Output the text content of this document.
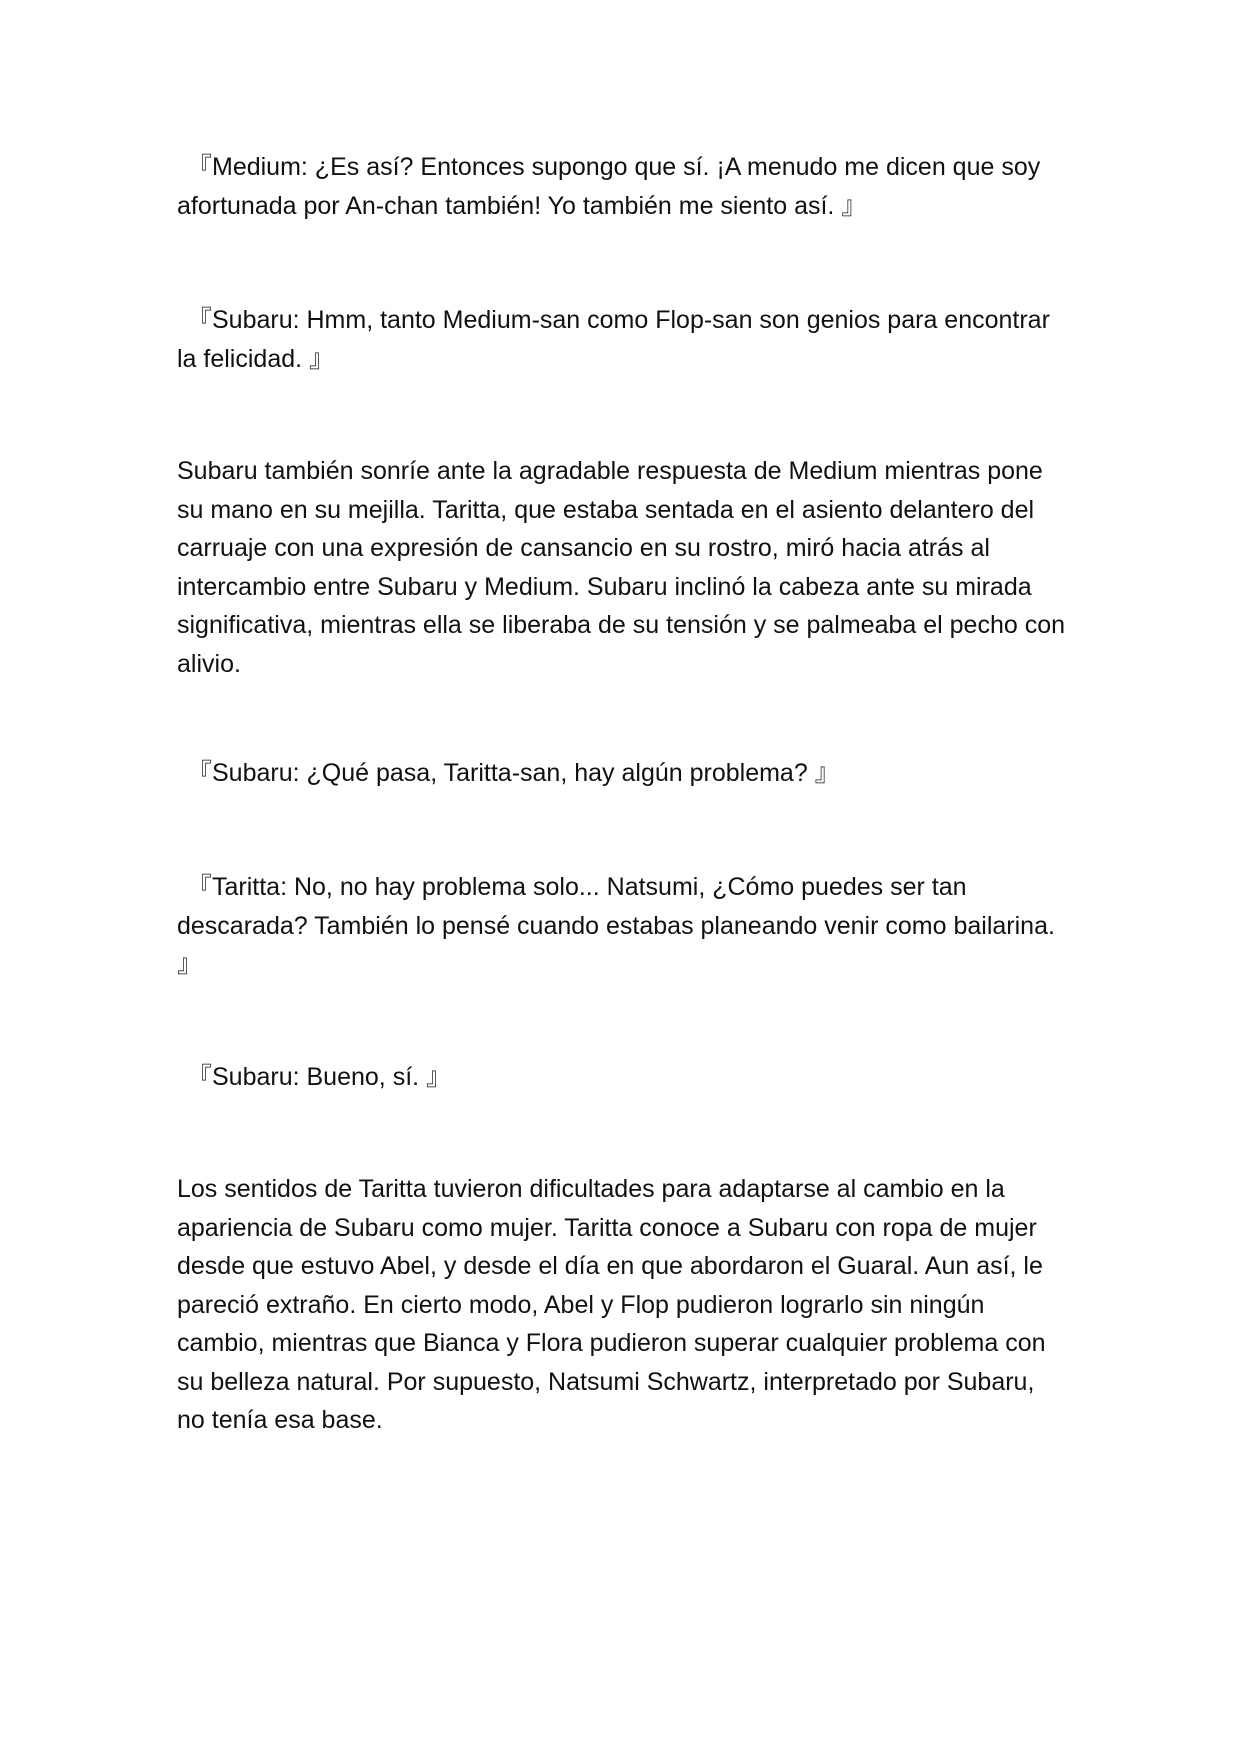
『Medium: ¿Es así? Entonces supongo que sí. ¡A menudo me dicen que soy afortunada por An-chan también! Yo también me siento así. 』

『Subaru: Hmm, tanto Medium-san como Flop-san son genios para encontrar la felicidad. 』

Subaru también sonríe ante la agradable respuesta de Medium mientras pone su mano en su mejilla. Taritta, que estaba sentada en el asiento delantero del carruaje con una expresión de cansancio en su rostro, miró hacia atrás al intercambio entre Subaru y Medium. Subaru inclinó la cabeza ante su mirada significativa, mientras ella se liberaba de su tensión y se palmeaba el pecho con alivio.

『Subaru: ¿Qué pasa, Taritta-san, hay algún problema? 』

『Taritta: No, no hay problema solo... Natsumi, ¿Cómo puedes ser tan descarada? También lo pensé cuando estabas planeando venir como bailarina. 』

『Subaru: Bueno, sí. 』

Los sentidos de Taritta tuvieron dificultades para adaptarse al cambio en la apariencia de Subaru como mujer. Taritta conoce a Subaru con ropa de mujer desde que estuvo Abel, y desde el día en que abordaron el Guaral. Aun así, le pareció extraño. En cierto modo, Abel y Flop pudieron lograrlo sin ningún cambio, mientras que Bianca y Flora pudieron superar cualquier problema con su belleza natural. Por supuesto, Natsumi Schwartz, interpretado por Subaru, no tenía esa base.
